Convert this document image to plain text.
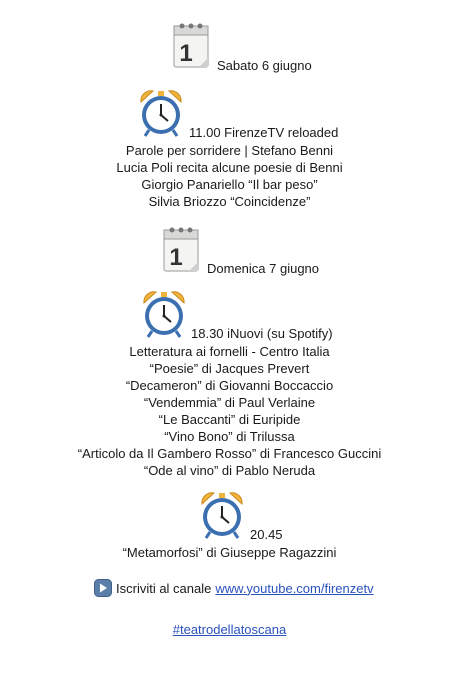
1 Sabato 6 giugno
11.00 FirenzeTV reloaded
Parole per sorridere | Stefano Benni
Lucia Poli recita alcune poesie di Benni
Giorgio Panariello “Il bar peso”
Silvia Briozzo “Coincidenze”
1 Domenica 7 giugno
18.30 iNuovi (su Spotify)
Letteratura ai fornelli - Centro Italia
“Poesie” di Jacques Prevert
“Decameron” di Giovanni Boccaccio
“Vendemmia” di Paul Verlaine
“Le Baccanti” di Euripide
“Vino Bono” di Trilussa
“Articolo da Il Gambero Rosso” di Francesco Guccini
“Ode al vino” di Pablo Neruda
20.45
“Metamorfosi” di Giuseppe Ragazzini
Iscriviti al canale www.youtube.com/firenzetv
#teatrodellatoscana
